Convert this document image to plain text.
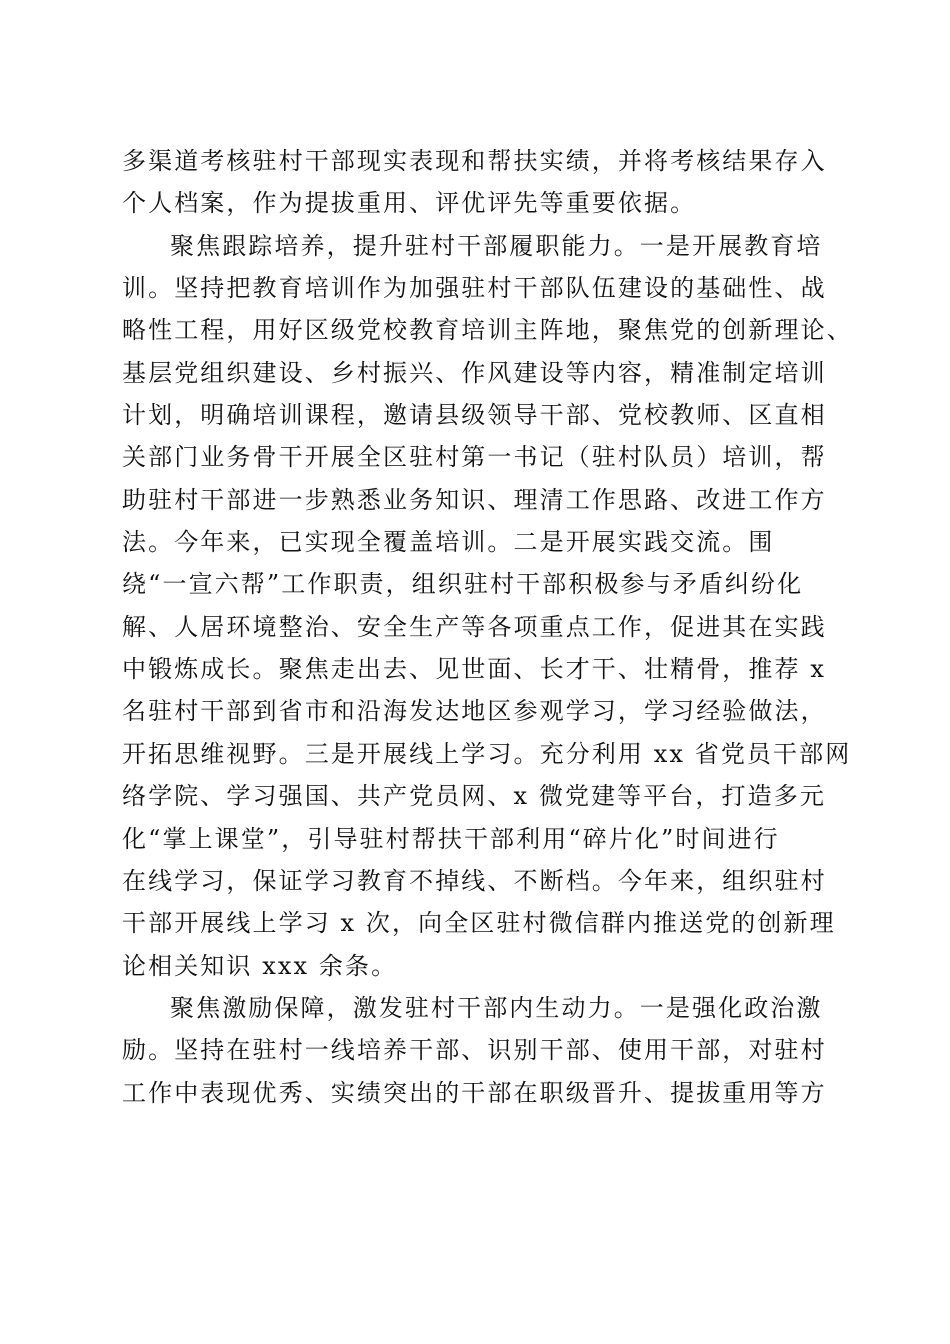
多渠道考核驻村干部现实表现和帮扶实绩，并将考核结果存入
个人档案，作为提拔重用、评优评先等重要依据。
聚焦跟踪培养，提升驻村干部履职能力。一是开展教育培
训。坚持把教育培训作为加强驻村干部队伍建设的基础性、战
略性工程，用好区级党校教育培训主阵地，聚焦党的创新理论、
基层党组织建设、乡村振兴、作风建设等内容，精准制定培训
计划，明确培训课程，邀请县级领导干部、党校教师、区直相
关部门业务骨干开展全区驻村第一书记（驻村队员）培训，帮
助驻村干部进一步熟悉业务知识、理清工作思路、改进工作方
法。今年来，已实现全覆盖培训。二是开展实践交流。围
绕“一宣六帮”工作职责，组织驻村干部积极参与矛盾纠纷化
解、人居环境整治、安全生产等各项重点工作，促进其在实践
中锻炼成长。聚焦走出去、见世面、长才干、壮精骨，推荐 x
名驻村干部到省市和沿海发达地区参观学习，学习经验做法，
开拓思维视野。三是开展线上学习。充分利用 xx 省党员干部网
络学院、学习强国、共产党员网、x 微党建等平台，打造多元
化“掌上课堂”，引导驻村帮扶干部利用“碎片化”时间进行
在线学习，保证学习教育不掉线、不断档。今年来，组织驻村
干部开展线上学习 x 次，向全区驻村微信群内推送党的创新理
论相关知识 xxx 余条。
聚焦激励保障，激发驻村干部内生动力。一是强化政治激
励。坚持在驻村一线培养干部、识别干部、使用干部，对驻村
工作中表现优秀、实绩突出的干部在职级晋升、提拔重用等方
